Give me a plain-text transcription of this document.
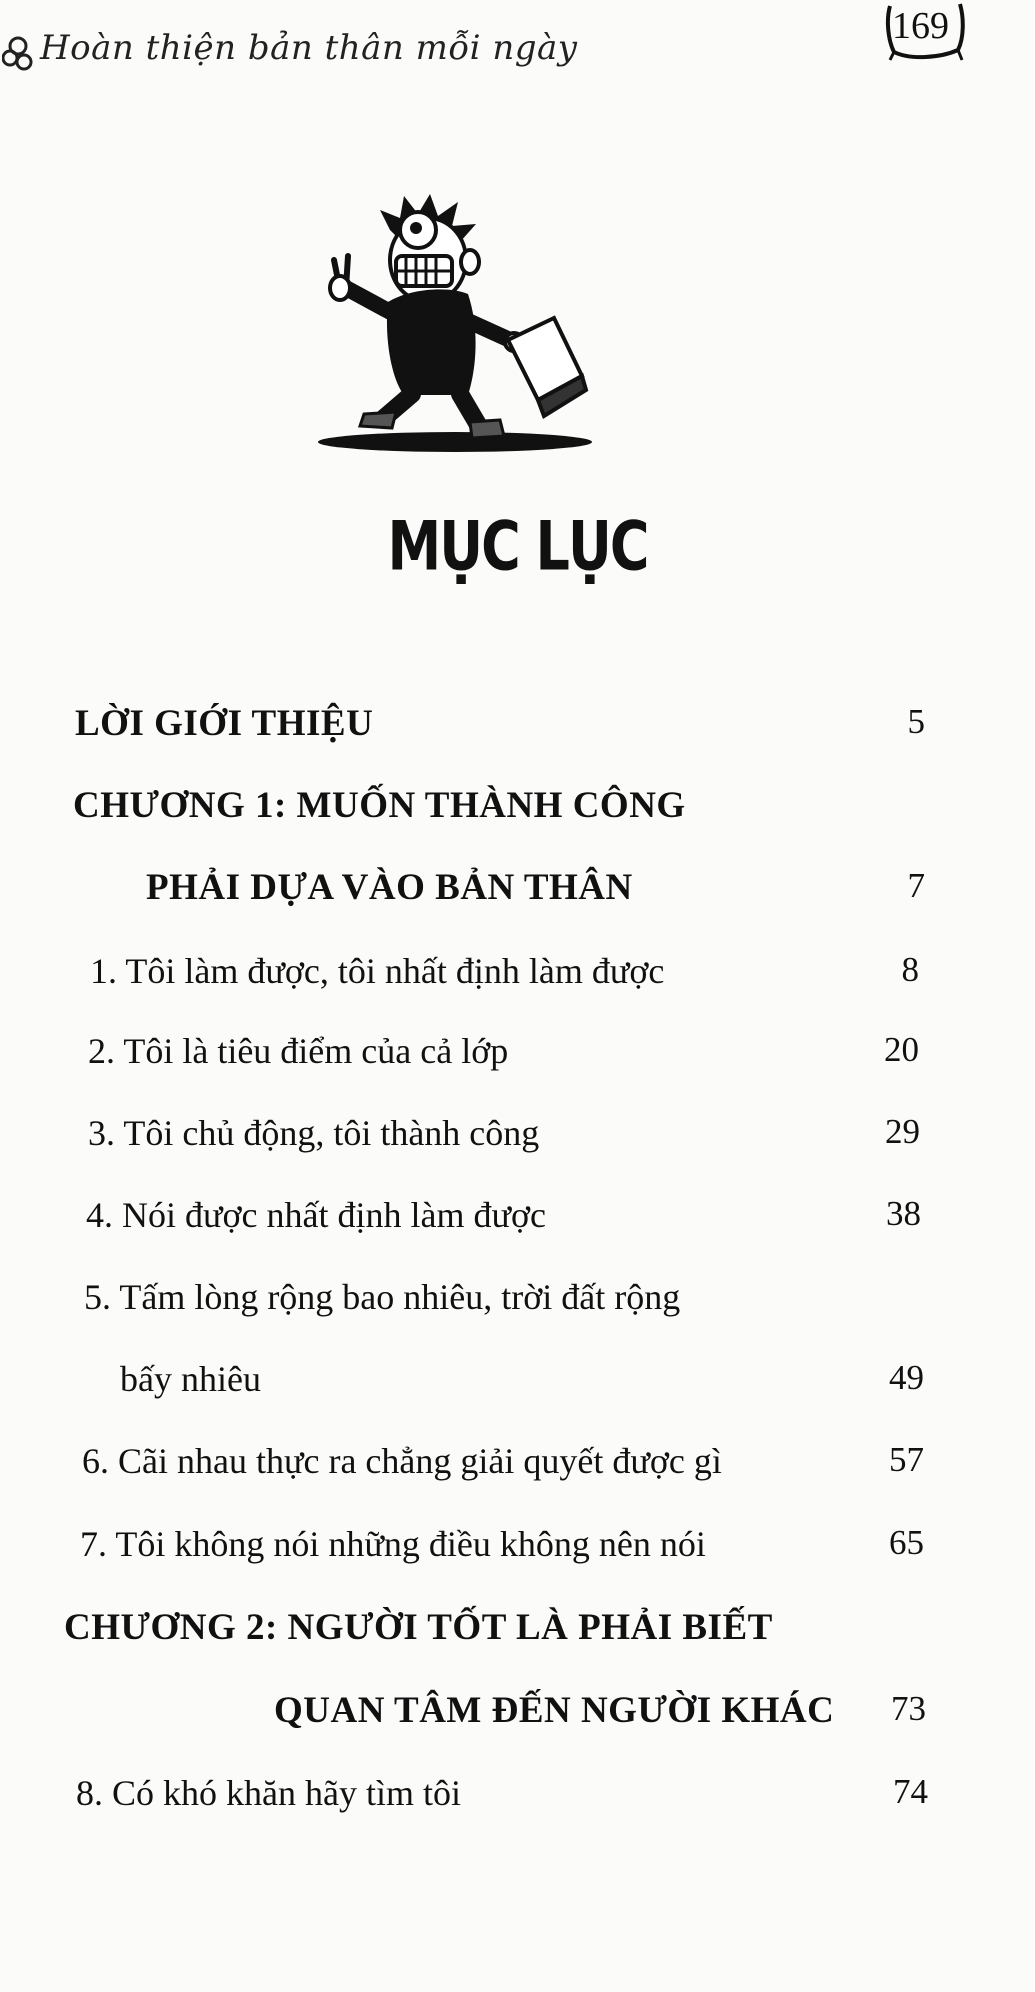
Hoàn thiện bản thân mỗi ngày
169
MỤC LỤC
LỜI GIỚI THIỆU	5
CHƯƠNG 1: MUỐN THÀNH CÔNG
PHẢI DỰA VÀO BẢN THÂN	7
1. Tôi làm được, tôi nhất định làm được	8
2. Tôi là tiêu điểm của cả lớp	20
3. Tôi chủ động, tôi thành công	29
4. Nói được nhất định làm được	38
5. Tấm lòng rộng bao nhiêu, trời đất rộng
bấy nhiêu	49
6. Cãi nhau thực ra chẳng giải quyết được gì	57
7. Tôi không nói những điều không nên nói	65
CHƯƠNG 2: NGƯỜI TỐT LÀ PHẢI BIẾT
QUAN TÂM ĐẾN NGƯỜI KHÁC	73
8. Có khó khăn hãy tìm tôi	74
